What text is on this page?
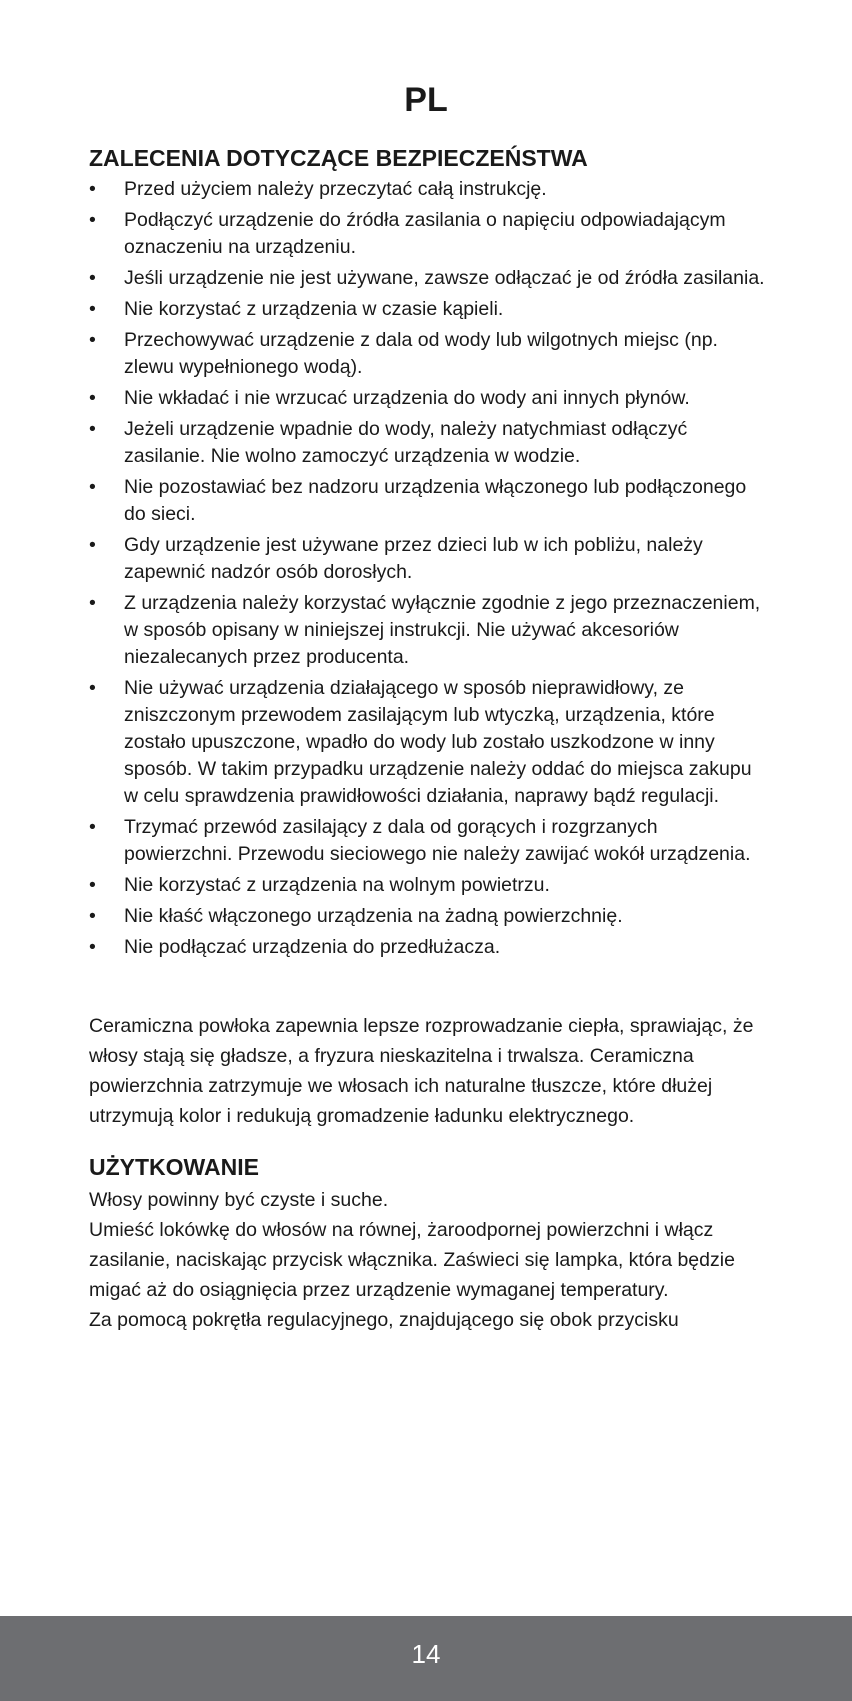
PL
ZALECENIA DOTYCZĄCE BEZPIECZEŃSTWA
• Przed użyciem należy przeczytać całą instrukcję.
• Podłączyć urządzenie do źródła zasilania o napięciu odpowiadającym oznaczeniu na urządzeniu.
• Jeśli urządzenie nie jest używane, zawsze odłączać je od źródła zasilania.
• Nie korzystać z urządzenia w czasie kąpieli.
• Przechowywać urządzenie z dala od wody lub wilgotnych miejsc (np. zlewu wypełnionego wodą).
• Nie wkładać i nie wrzucać urządzenia do wody ani innych płynów.
• Jeżeli urządzenie wpadnie do wody, należy natychmiast odłączyć zasilanie. Nie wolno zamoczyć urządzenia w wodzie.
• Nie pozostawiać bez nadzoru urządzenia włączonego lub podłączonego do sieci.
• Gdy urządzenie jest używane przez dzieci lub w ich pobliżu, należy zapewnić nadzór osób dorosłych.
• Z urządzenia należy korzystać wyłącznie zgodnie z jego przeznaczeniem, w sposób opisany w niniejszej instrukcji. Nie używać akcesoriów niezalecanych przez producenta.
• Nie używać urządzenia działającego w sposób nieprawidłowy, ze zniszczonym przewodem zasilającym lub wtyczką, urządzenia, które zostało upuszczone, wpadło do wody lub zostało uszkodzone w inny sposób. W takim przypadku urządzenie należy oddać do miejsca zakupu w celu sprawdzenia prawidłowości działania, naprawy bądź regulacji.
• Trzymać przewód zasilający z dala od gorących i rozgrzanych powierzchni. Przewodu sieciowego nie należy zawijać wokół urządzenia.
• Nie korzystać z urządzenia na wolnym powietrzu.
• Nie kłaść włączonego urządzenia na żadną powierzchnię.
• Nie podłączać urządzenia do przedłużacza.

Ceramiczna powłoka zapewnia lepsze rozprowadzanie ciepła, sprawiając, że włosy stają się gładsze, a fryzura nieskazitelna i trwalsza. Ceramiczna powierzchnia zatrzymuje we włosach ich naturalne tłuszcze, które dłużej utrzymują kolor i redukują gromadzenie ładunku elektrycznego.

UŻYTKOWANIE

Włosy powinny być czyste i suche.

Umieść lokówkę do włosów na równej, żaroodpornej powierzchni i włącz zasilanie, naciskając przycisk włącznika. Zaświeci się lampka, która będzie migać aż do osiągnięcia przez urządzenie wymaganej temperatury.

Za pomocą pokrętła regulacyjnego, znajdującego się obok przycisku

14
